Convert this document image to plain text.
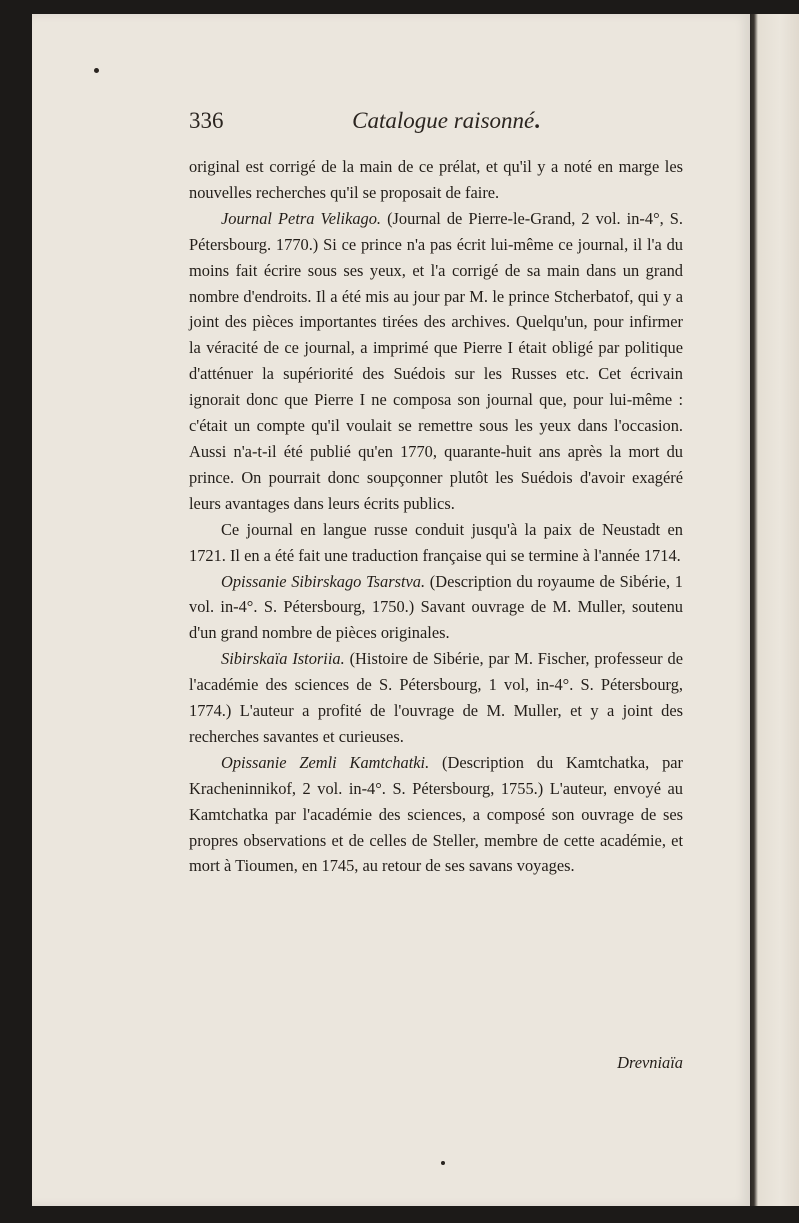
336	Catalogue raisonné.

original est corrigé de la main de ce prélat, et qu'il y a noté en marge les nouvelles recherches qu'il se proposait de faire.

Journal Petra Velikago. (Journal de Pierre-le-Grand, 2 vol. in-4°, S. Pétersbourg. 1770.) Si ce prince n'a pas écrit lui-même ce journal, il l'a du moins fait écrire sous ses yeux, et l'a corrigé de sa main dans un grand nombre d'endroits. Il a été mis au jour par M. le prince Stcherbatof, qui y a joint des pièces importantes tirées des archives. Quelqu'un, pour infirmer la véracité de ce journal, a imprimé que Pierre I était obligé par politique d'atténuer la supériorité des Suédois sur les Russes etc. Cet écrivain ignorait donc que Pierre I ne composa son journal que, pour lui-même : c'était un compte qu'il voulait se remettre sous les yeux dans l'occasion. Aussi n'a-t-il été publié qu'en 1770, quarante-huit ans après la mort du prince. On pourrait donc soupçonner plutôt les Suédois d'avoir exagéré leurs avantages dans leurs écrits publics.

Ce journal en langue russe conduit jusqu'à la paix de Neustadt en 1721. Il en a été fait une traduction française qui se termine à l'année 1714.

Opissanie Sibirskago Tsarstva. (Description du royaume de Sibérie, 1 vol. in-4°. S. Pétersbourg, 1750.) Savant ouvrage de M. Muller, soutenu d'un grand nombre de pièces originales.

Sibirskaïa Istoriia. (Histoire de Sibérie, par M. Fischer, professeur de l'académie des sciences de S. Pétersbourg, 1 vol, in-4°. S. Pétersbourg, 1774.) L'auteur a profité de l'ouvrage de M. Muller, et y a joint des recherches savantes et curieuses.

Opissanie Zemli Kamtchatki. (Description du Kamtchatka, par Kracheninnikof, 2 vol. in-4°. S. Pétersbourg, 1755.) L'auteur, envoyé au Kamtchatka par l'académie des sciences, a composé son ouvrage de ses propres observations et de celles de Steller, membre de cette académie, et mort à Tioumen, en 1745, au retour de ses savans voyages.

Drevniaïa
